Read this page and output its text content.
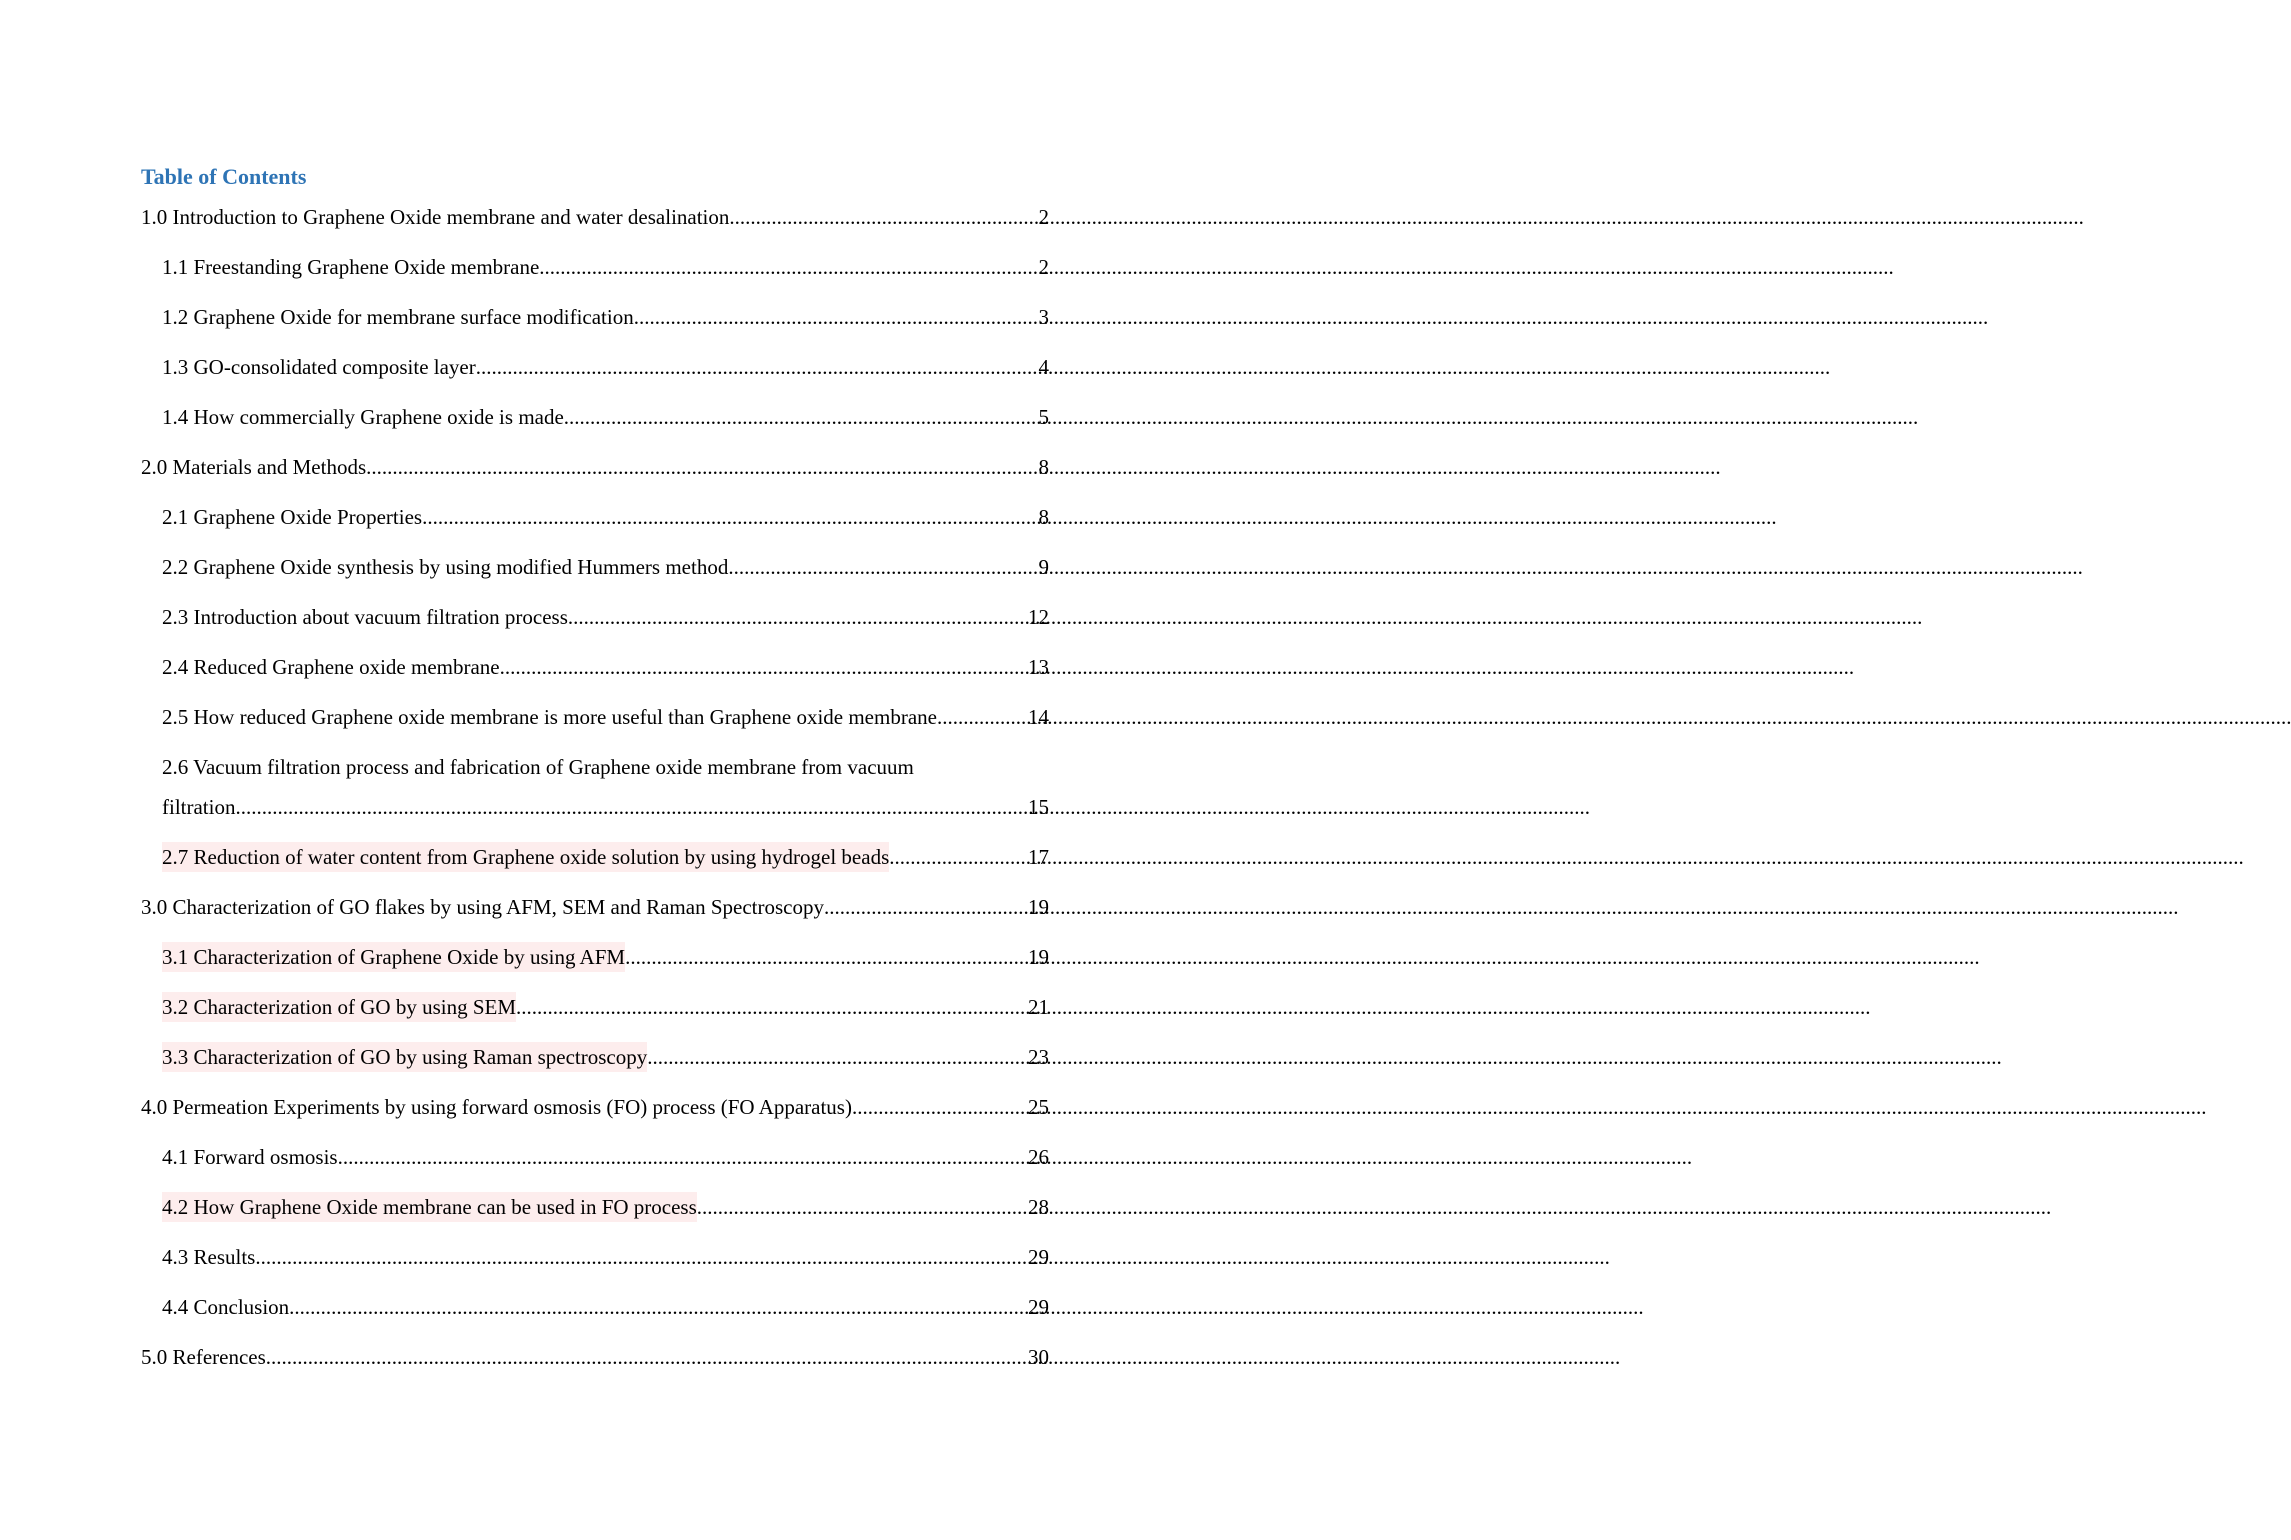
Table of Contents
1.0 Introduction to Graphene Oxide membrane and water desalination .....	2
1.1 Freestanding Graphene Oxide membrane .....	2
1.2 Graphene Oxide for membrane surface modification .....	3
1.3 GO-consolidated composite layer .....	4
1.4 How commercially Graphene oxide is made .....	5
2.0 Materials and Methods .....	8
2.1 Graphene Oxide Properties .....	8
2.2 Graphene Oxide synthesis by using modified Hummers method .....	9
2.3 Introduction about vacuum filtration process .....	12
2.4 Reduced Graphene oxide membrane .....	13
2.5 How reduced Graphene oxide membrane is more useful than Graphene oxide membrane .....	14
2.6 Vacuum filtration process and fabrication of Graphene oxide membrane from vacuum
filtration .....	15
2.7 Reduction of water content from Graphene oxide solution by using hydrogel beads .....	17
3.0 Characterization of GO flakes by using AFM, SEM and Raman Spectroscopy .....	19
3.1 Characterization of Graphene Oxide by using AFM .....	19
3.2 Characterization of GO by using SEM .....	21
3.3 Characterization of GO by using Raman spectroscopy .....	23
4.0 Permeation Experiments by using forward osmosis (FO) process (FO Apparatus) .....	25
4.1 Forward osmosis .....	26
4.2 How Graphene Oxide membrane can be used in FO process .....	28
4.3 Results .....	29
4.4 Conclusion .....	29
5.0 References .....	30
